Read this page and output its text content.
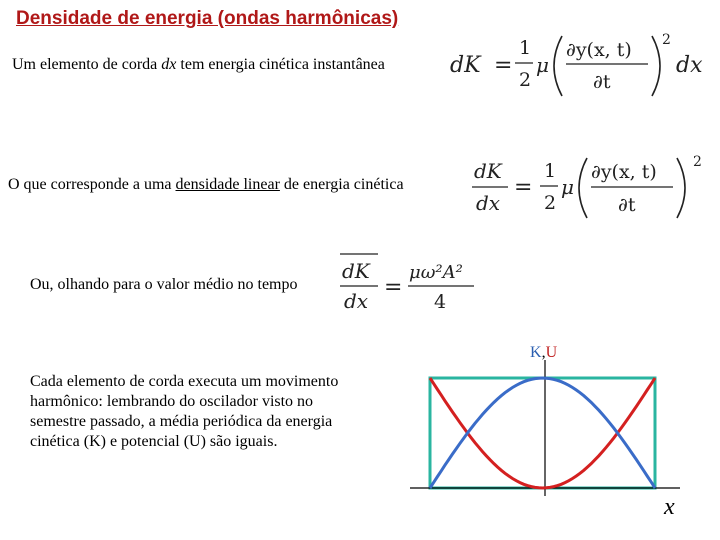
Densidade de energia (ondas harmônicas)
Um elemento de corda dx tem energia cinética instantânea	dK =
1
2
μ
∂y(x, t)
∂t
2
dx
O que corresponde a uma densidade linear de energia cinética
dK
dx
=
1
2
μ
∂y(x, t)
∂t
2
Ou, olhando para o valor médio no tempo
dK
dx
=
μω²A²
4
Cada elemento de corda executa um movimento harmônico: lembrando do oscilador visto no semestre passado, a média periódica da energia cinética (K) e potencial (U) são iguais.
K,U
x
